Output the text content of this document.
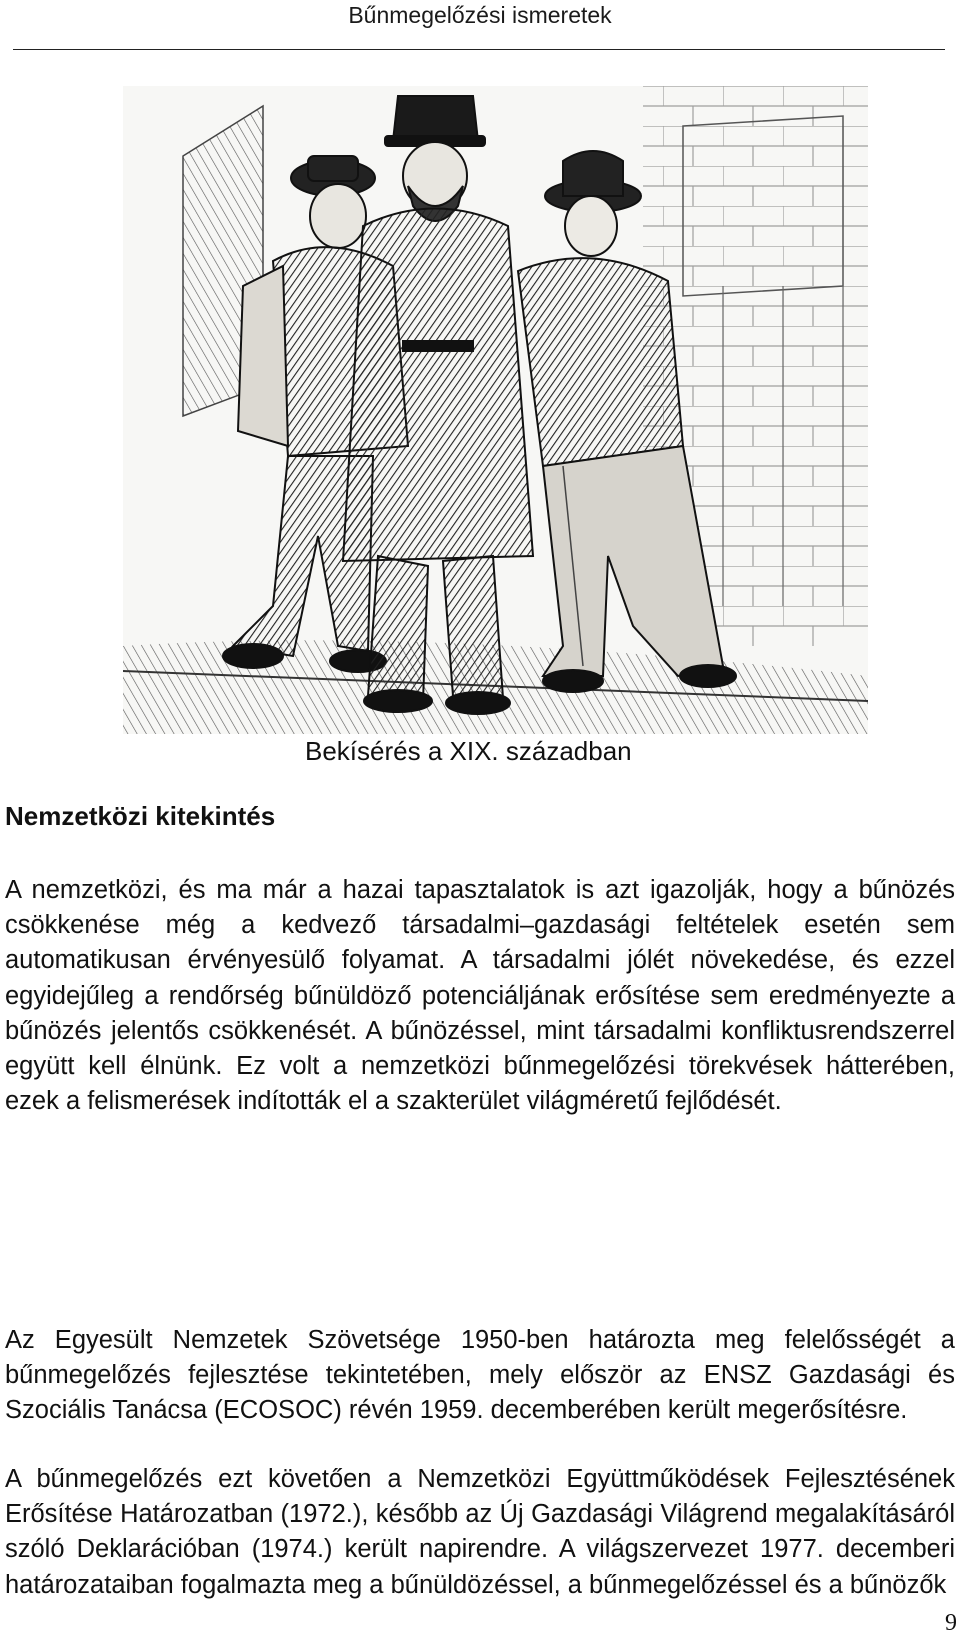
Bűnmegelőzési ismeretek
Bekísérés a XIX. században
Nemzetközi kitekintés

A nemzetközi, és ma már a hazai tapasztalatok is azt igazolják, hogy a bűnözés csökkenése még a kedvező társadalmi–gazdasági feltételek esetén sem automatikusan érvényesülő folyamat. A társadalmi jólét növekedése, és ezzel egyidejűleg a rendőrség bűnüldöző potenciáljának erősítése sem eredményezte a bűnözés jelentős csökkenését. A bűnözéssel, mint társadalmi konfliktusrendszerrel együtt kell élnünk. Ez volt a nemzetközi bűnmegelőzési törekvések hátterében, ezek a felismerések indították el a szakterület világméretű fejlődését.

Az Egyesült Nemzetek Szövetsége 1950-ben határozta meg felelősségét a bűnmegelőzés fejlesztése tekintetében, mely először az ENSZ Gazdasági és Szociális Tanácsa (ECOSOC) révén 1959. decemberében került megerősítésre.

A bűnmegelőzés ezt követően a Nemzetközi Együttműködések Fejlesztésének Erősítése Határozatban (1972.), később az Új Gazdasági Világrend megalakításáról szóló Deklarációban (1974.) került napirendre. A világszervezet 1977. decemberi határozataiban fogalmazta meg a bűnüldözéssel, a bűnmegelőzéssel és a bűnözők

9
